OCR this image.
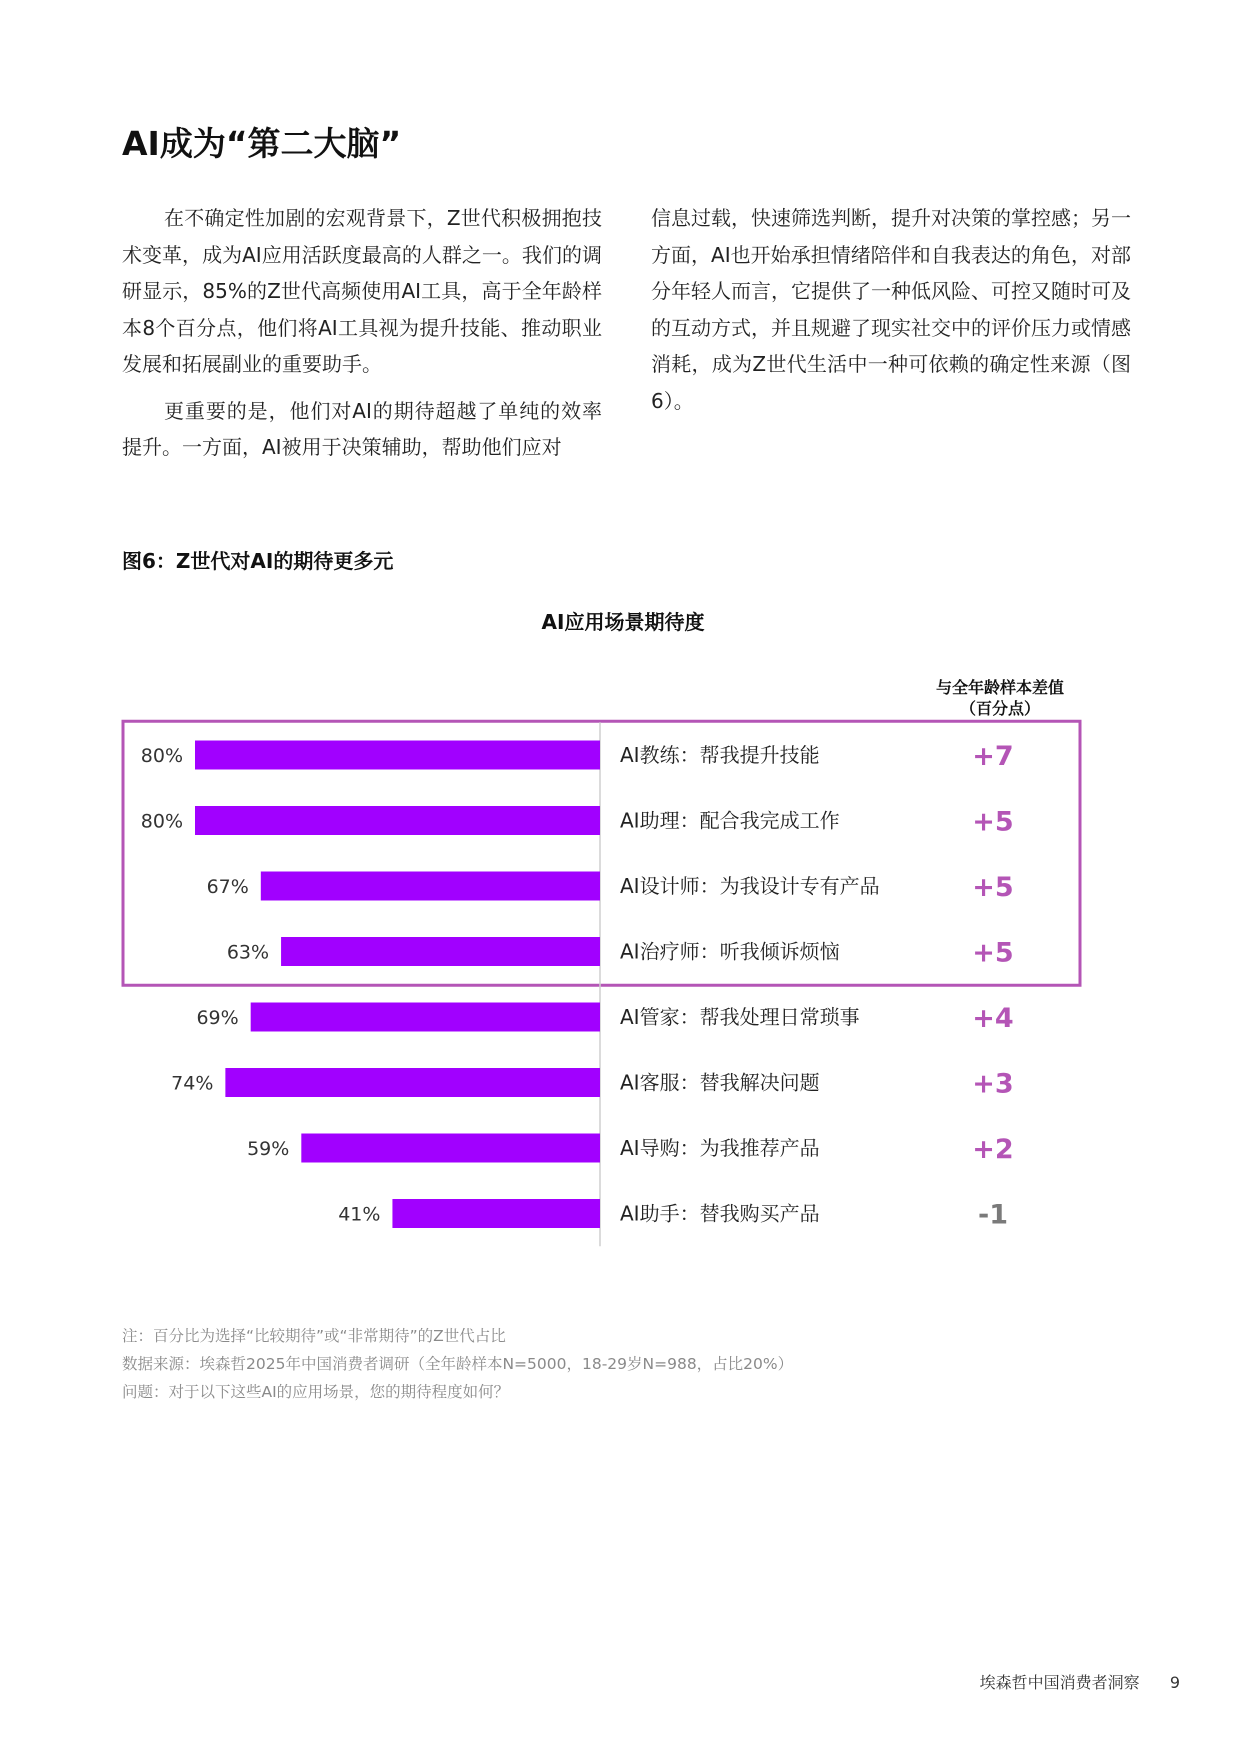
AI成为“第二大脑”

在不确定性加剧的宏观背景下，Z世代积极拥抱技术变革，成为AI应用活跃度最高的人群之一。我们的调研显示，85%的Z世代高频使用AI工具，高于全年龄样本8个百分点，他们将AI工具视为提升技能、推动职业发展和拓展副业的重要助手。

更重要的是，他们对AI的期待超越了单纯的效率提升。一方面，AI被用于决策辅助，帮助他们应对

信息过载，快速筛选判断，提升对决策的掌控感；另一方面，AI也开始承担情绪陪伴和自我表达的角色，对部分年轻人而言，它提供了一种低风险、可控又随时可及的互动方式，并且规避了现实社交中的评价压力或情感消耗，成为Z世代生活中一种可依赖的确定性来源（图6）。

图6：Z世代对AI的期待更多元
AI应用场景期待度
与全年龄样本差值
（百分点）
80%	AI教练：帮我提升技能	+7
80%	AI助理：配合我完成工作	+5
67%	AI设计师：为我设计专有产品	+5
63%	AI治疗师：听我倾诉烦恼	+5
69%	AI管家：帮我处理日常琐事	+4
74%	AI客服：替我解决问题	+3
59%	AI导购：为我推荐产品	+2
41%	AI助手：替我购买产品	-1
注：百分比为选择“比较期待”或“非常期待”的Z世代占比
数据来源：埃森哲2025年中国消费者调研（全年龄样本N=5000，18-29岁N=988，占比20%）
问题：对于以下这些AI的应用场景，您的期待程度如何？
埃森哲中国消费者洞察 9
